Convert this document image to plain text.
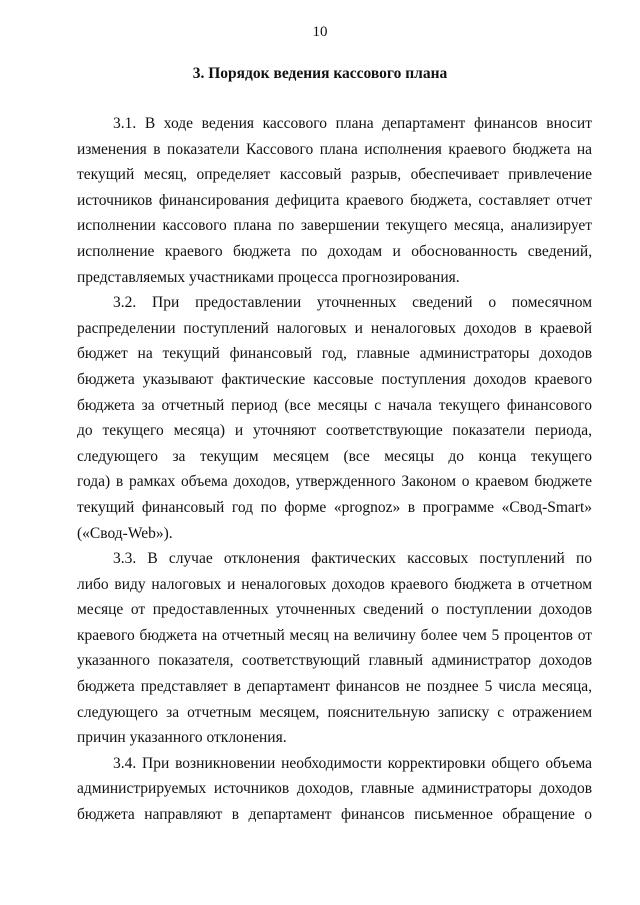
10
3. Порядок ведения кассового плана
3.1. В ходе ведения кассового плана департамент финансов вносит
изменения в показатели Кассового плана исполнения краевого бюджета на
текущий месяц, определяет кассовый разрыв, обеспечивает привлечение
источников финансирования дефицита краевого бюджета, составляет отчет
исполнении кассового плана по завершении текущего месяца, анализирует
исполнение краевого бюджета по доходам и обоснованность сведений,
представляемых участниками процесса прогнозирования.
3.2. При предоставлении уточненных сведений о помесячном
распределении поступлений налоговых и неналоговых доходов в краевой
бюджет на текущий финансовый год, главные администраторы доходов
бюджета указывают фактические кассовые поступления доходов краевого
бюджета за отчетный период (все месяцы с начала текущего финансового
до текущего месяца) и уточняют соответствующие показатели периода,
следующего за текущим месяцем (все месяцы до конца текущего
года) в рамках объема доходов, утвержденного Законом о краевом бюджете
текущий финансовый год по форме «prognoz» в программе «Свод-Smart»
(«Свод-Web»).
3.3. В случае отклонения фактических кассовых поступлений по
либо виду налоговых и неналоговых доходов краевого бюджета в отчетном
месяце от предоставленных уточненных сведений о поступлении доходов
краевого бюджета на отчетный месяц на величину более чем 5 процентов от
указанного показателя, соответствующий главный администратор доходов
бюджета представляет в департамент финансов не позднее 5 числа месяца,
следующего за отчетным месяцем, пояснительную записку с отражением
причин указанного отклонения.
3.4. При возникновении необходимости корректировки общего объема
администрируемых источников доходов, главные администраторы доходов
бюджета направляют в департамент финансов письменное обращение о
